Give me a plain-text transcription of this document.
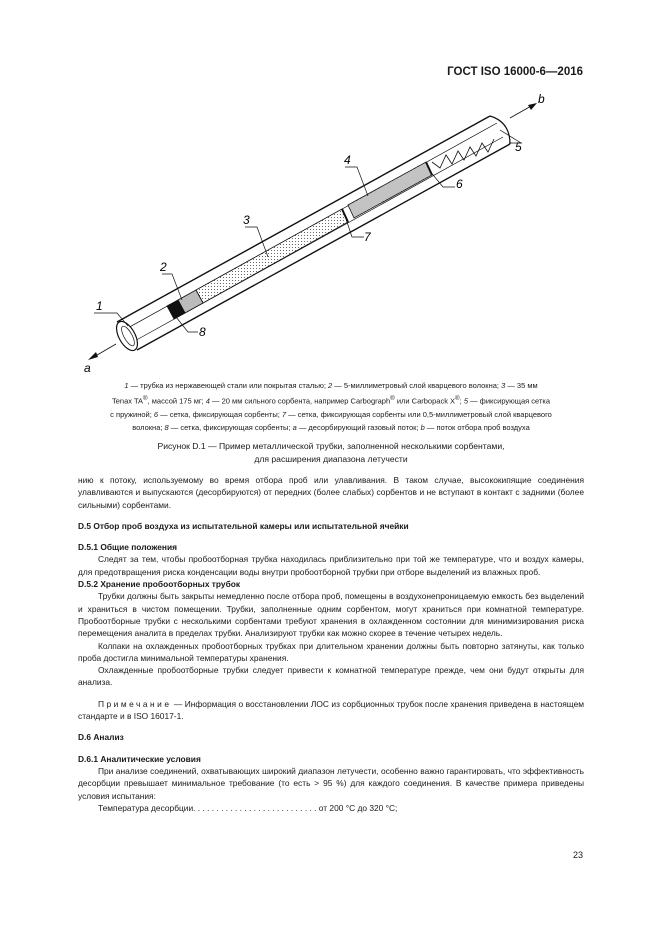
ГОСТ ISO 16000-6—2016
1
2
3
4
5
6
7
8
a
b
1 — трубка из нержавеющей стали или покрытая сталью; 2 — 5-миллиметровый слой кварцевого волокна; 3 — 35 мм
Tenax TA®, массой 175 мг; 4 — 20 мм сильного сорбента, например Carbograph® или Carbopack X®; 5 — фиксирующая сетка
с пружиной; 6 — сетка, фиксирующая сорбенты; 7 — сетка, фиксирующая сорбенты или 0,5-миллиметровый слой кварцевого
волокна; 8 — сетка, фиксирующая сорбенты; a — десорбирующий газовый поток; b — поток отбора проб воздуха
Рисунок D.1 — Пример металлической трубки, заполненной несколькими сорбентами,
для расширения диапазона летучести

нию к потоку, используемому во время отбора проб или улавливания. В таком случае, высококипящие соединения улавливаются и выпускаются (десорбируются) от передних (более слабых) сорбентов и не вступают в контакт с задними (более сильными) сорбентами.

D.5 Отбор проб воздуха из испытательной камеры или испытательной ячейки

D.5.1 Общие положения

Следят за тем, чтобы пробоотборная трубка находилась приблизительно при той же температуре, что и воздух камеры, для предотвращения риска конденсации воды внутри пробоотборной трубки при отборе выделений из влажных проб.

D.5.2 Хранение пробоотборных трубок

Трубки должны быть закрыты немедленно после отбора проб, помещены в воздухонепроницаемую емкость без выделений и храниться в чистом помещении. Трубки, заполненные одним сорбентом, могут храниться при комнатной температуре. Пробоотборные трубки с несколькими сорбентами требуют хранения в охлажденном состоянии для минимизирования риска перемещения аналита в пределах трубки. Анализируют трубки как можно скорее в течение четырех недель.

Колпаки на охлажденных пробоотборных трубках при длительном хранении должны быть повторно затянуты, как только проба достигла минимальной температуры хранения.

Охлажденные пробоотборные трубки следует привести к комнатной температуре прежде, чем они будут открыты для анализа.

Примечание — Информация о восстановлении ЛОС из сорбционных трубок после хранения приведена в настоящем стандарте и в ISO 16017-1.

D.6 Анализ

D.6.1 Аналитические условия

При анализе соединений, охватывающих широкий диапазон летучести, особенно важно гарантировать, что эффективность десорбции превышает минимальное требование (то есть > 95 %) для каждого соединения. В качестве примера приведены условия испытания:

Температура десорбции. . . . . . . . . . . . . . . . . . . . . . . . . . . от 200 °C до 320 °C;

23
